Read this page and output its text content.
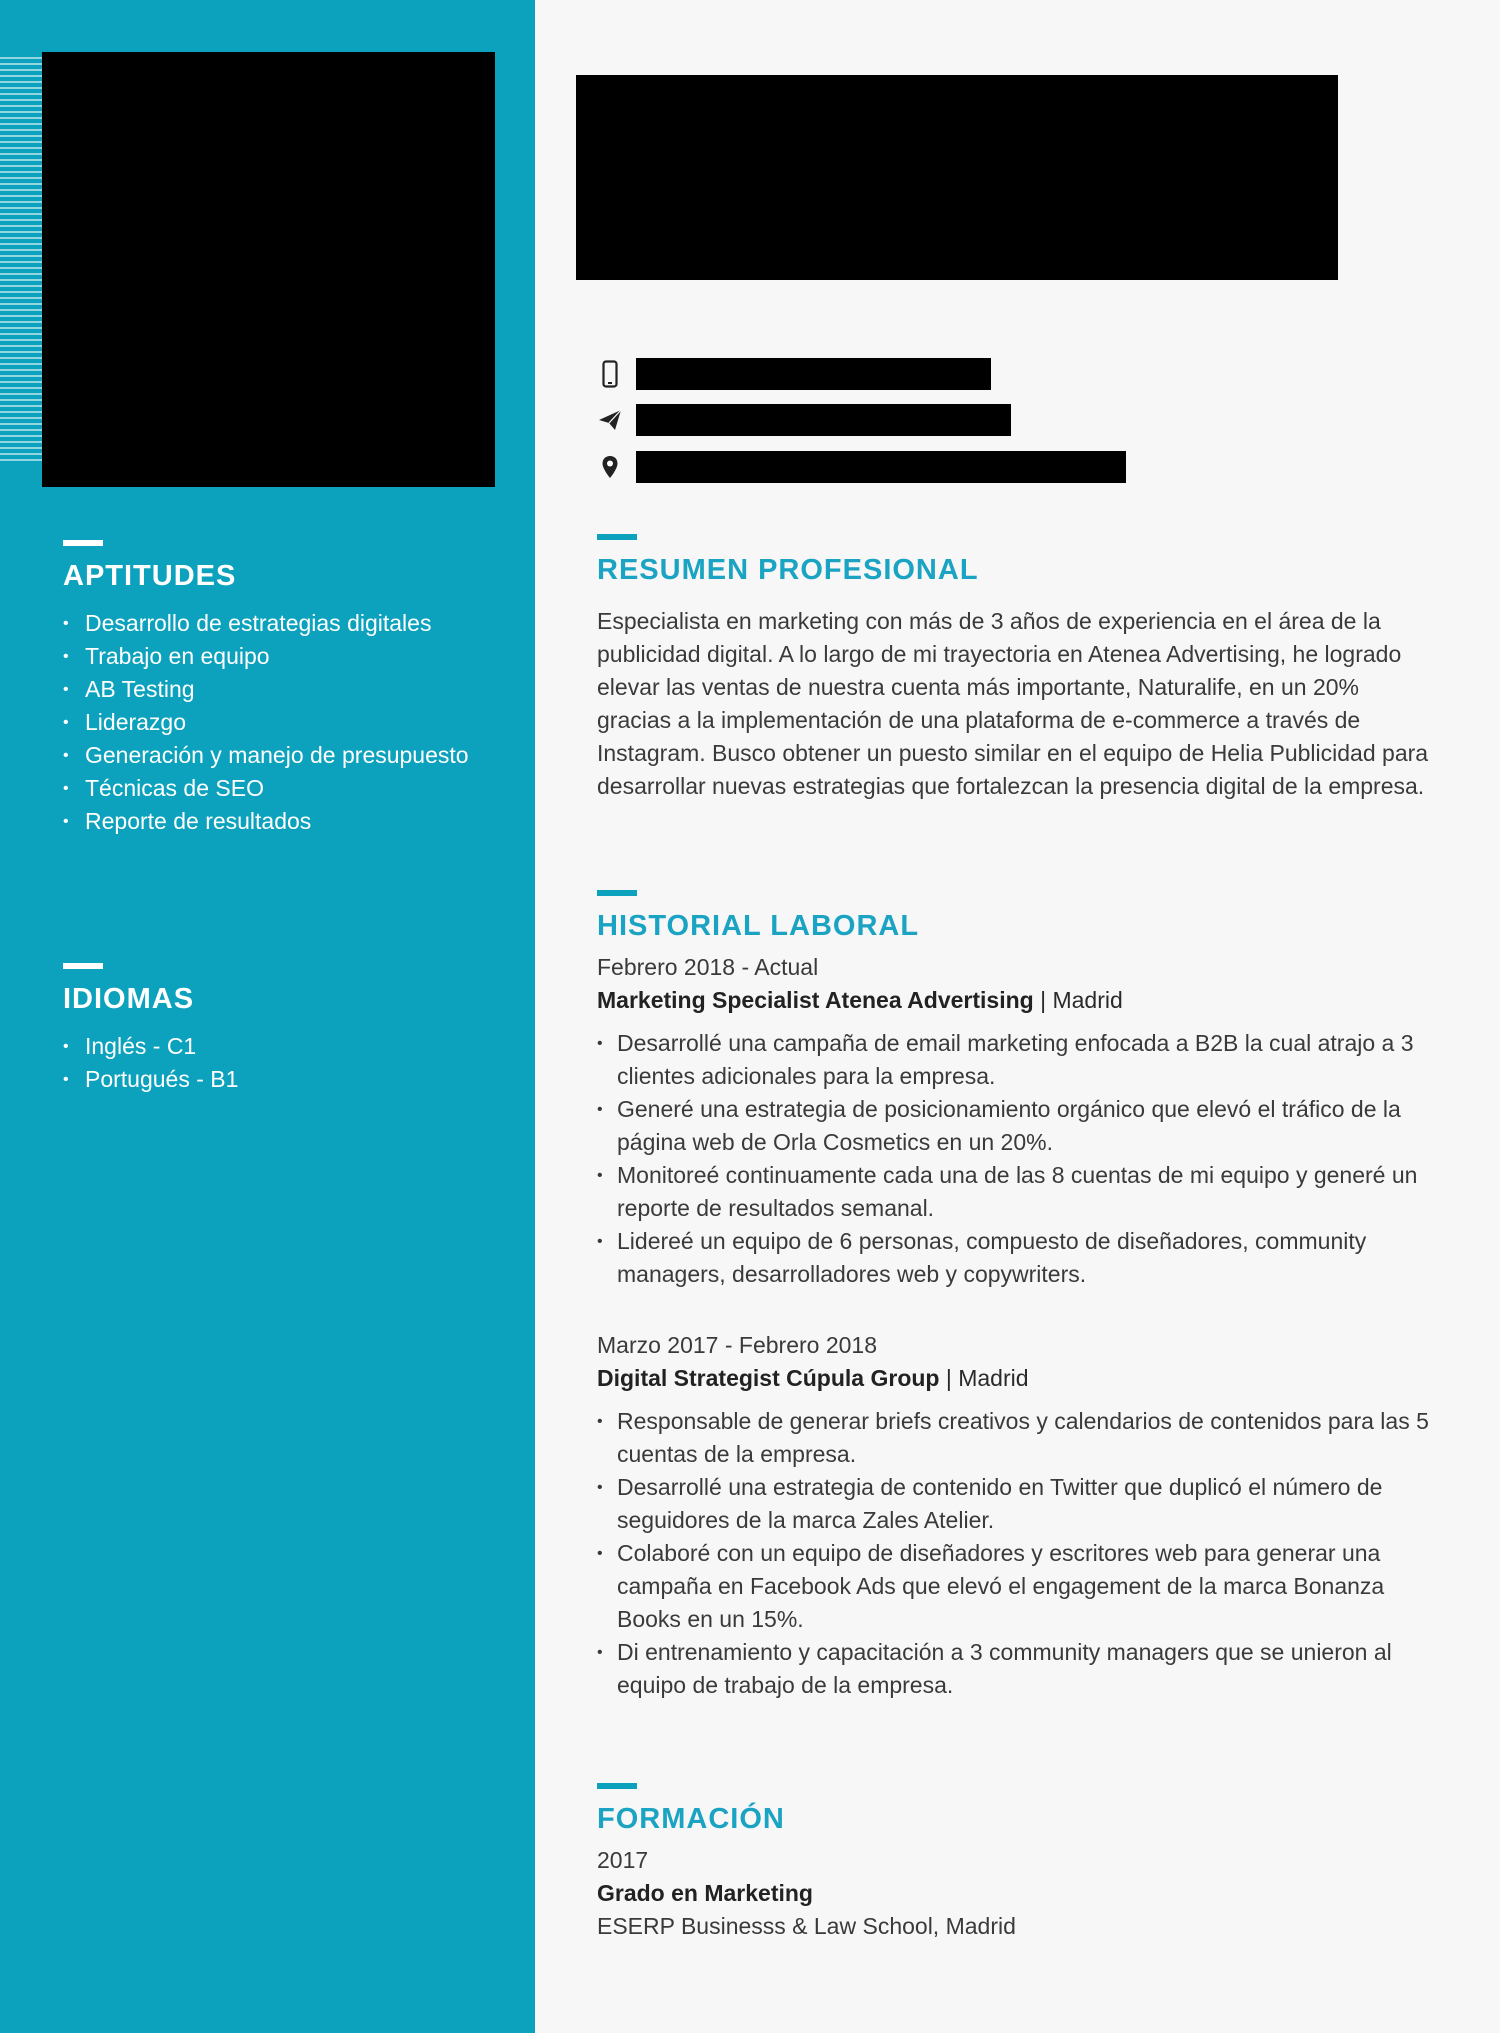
APTITUDES
• Desarrollo de estrategias digitales
• Trabajo en equipo
• AB Testing
• Liderazgo
• Generación y manejo de presupuesto
• Técnicas de SEO
• Reporte de resultados
IDIOMAS
• Inglés - C1
• Portugués - B1
RESUMEN PROFESIONAL

Especialista en marketing con más de 3 años de experiencia en el área de la publicidad digital. A lo largo de mi trayectoria en Atenea Advertising, he logrado elevar las ventas de nuestra cuenta más importante, Naturalife, en un 20% gracias a la implementación de una plataforma de e-commerce a través de Instagram. Busco obtener un puesto similar en el equipo de Helia Publicidad para desarrollar nuevas estrategias que fortalezcan la presencia digital de la empresa.

HISTORIAL LABORAL
Febrero 2018 - Actual
Marketing Specialist Atenea Advertising | Madrid
• Desarrollé una campaña de email marketing enfocada a B2B la cual atrajo a 3 clientes adicionales para la empresa.
• Generé una estrategia de posicionamiento orgánico que elevó el tráfico de la página web de Orla Cosmetics en un 20%.
• Monitoreé continuamente cada una de las 8 cuentas de mi equipo y generé un reporte de resultados semanal.
• Lidereé un equipo de 6 personas, compuesto de diseñadores, community managers, desarrolladores web y copywriters.
Marzo 2017 - Febrero 2018
Digital Strategist Cúpula Group | Madrid
• Responsable de generar briefs creativos y calendarios de contenidos para las 5 cuentas de la empresa.
• Desarrollé una estrategia de contenido en Twitter que duplicó el número de seguidores de la marca Zales Atelier.
• Colaboré con un equipo de diseñadores y escritores web para generar una campaña en Facebook Ads que elevó el engagement de la marca Bonanza Books en un 15%.
• Di entrenamiento y capacitación a 3 community managers que se unieron al equipo de trabajo de la empresa.
FORMACIÓN
2017
Grado en Marketing
ESERP Businesss & Law School, Madrid
